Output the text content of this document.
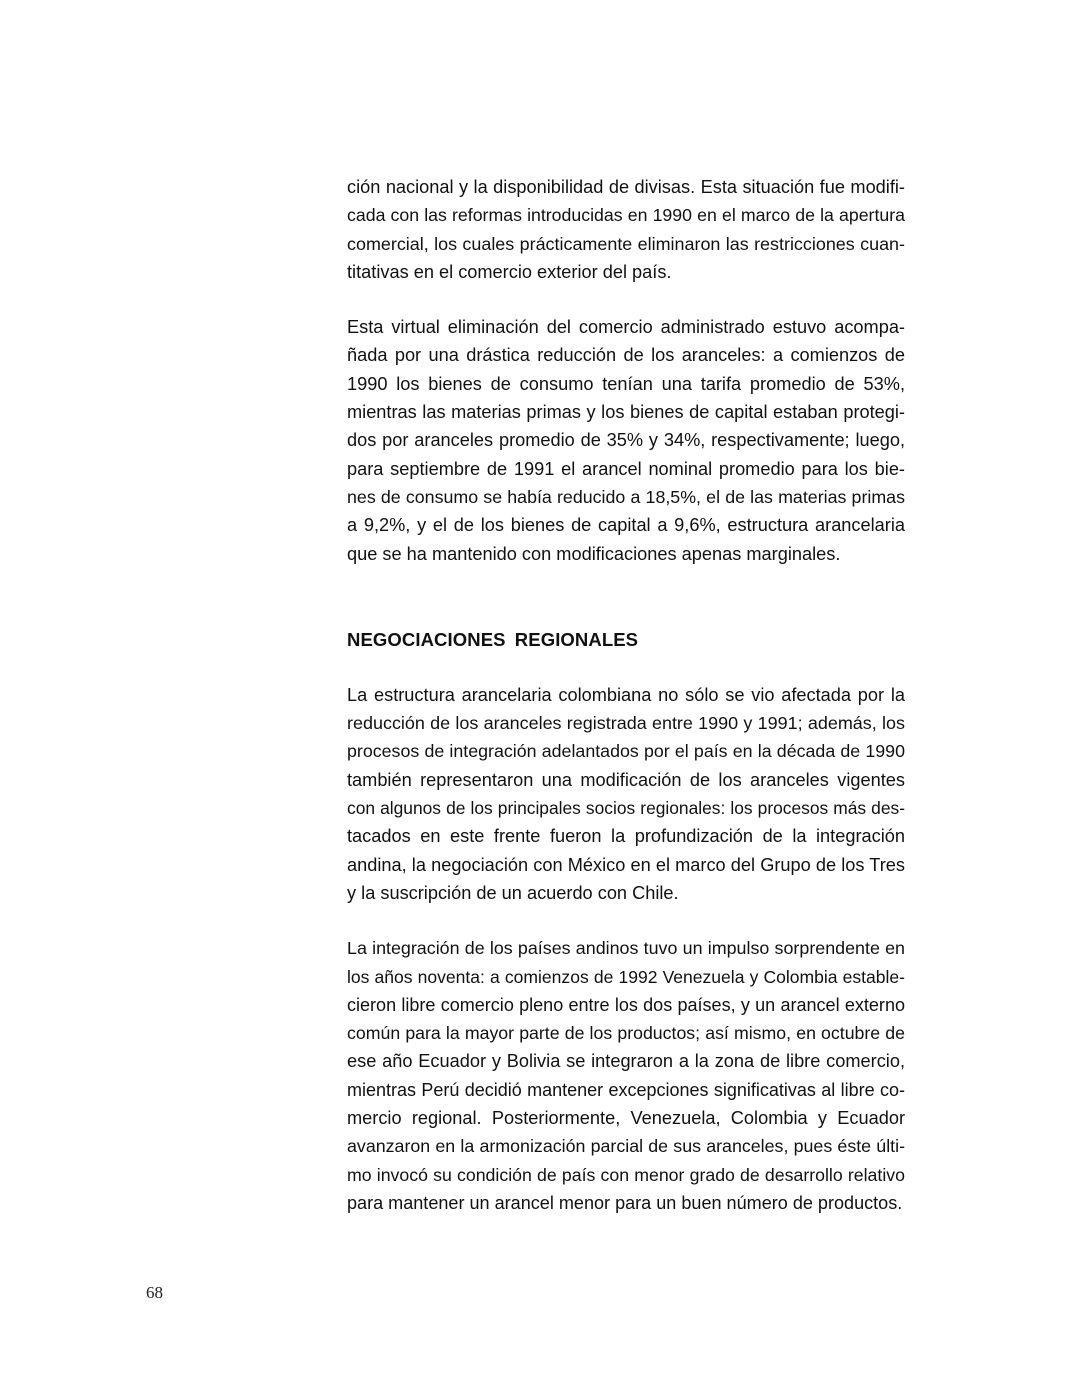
ción nacional y la disponibilidad de divisas. Esta situación fue modifi-
cada con las reformas introducidas en 1990 en el marco de la apertura
comercial, los cuales prácticamente eliminaron las restricciones cuan-
titativas en el comercio exterior del país.

Esta virtual eliminación del comercio administrado estuvo acompa-
ñada por una drástica reducción de los aranceles: a comienzos de
1990 los bienes de consumo tenían una tarifa promedio de 53%,
mientras las materias primas y los bienes de capital estaban protegi-
dos por aranceles promedio de 35% y 34%, respectivamente; luego,
para septiembre de 1991 el arancel nominal promedio para los bie-
nes de consumo se había reducido a 18,5%, el de las materias primas
a 9,2%, y el de los bienes de capital a 9,6%, estructura arancelaria
que se ha mantenido con modificaciones apenas marginales.

NEGOCIACIONES REGIONALES

La estructura arancelaria colombiana no sólo se vio afectada por la
reducción de los aranceles registrada entre 1990 y 1991; además, los
procesos de integración adelantados por el país en la década de 1990
también representaron una modificación de los aranceles vigentes
con algunos de los principales socios regionales: los procesos más des-
tacados en este frente fueron la profundización de la integración
andina, la negociación con México en el marco del Grupo de los Tres
y la suscripción de un acuerdo con Chile.

La integración de los países andinos tuvo un impulso sorprendente en
los años noventa: a comienzos de 1992 Venezuela y Colombia estable-
cieron libre comercio pleno entre los dos países, y un arancel externo
común para la mayor parte de los productos; así mismo, en octubre de
ese año Ecuador y Bolivia se integraron a la zona de libre comercio,
mientras Perú decidió mantener excepciones significativas al libre co-
mercio regional. Posteriormente, Venezuela, Colombia y Ecuador
avanzaron en la armonización parcial de sus aranceles, pues éste últi-
mo invocó su condición de país con menor grado de desarrollo relativo
para mantener un arancel menor para un buen número de productos.

68
